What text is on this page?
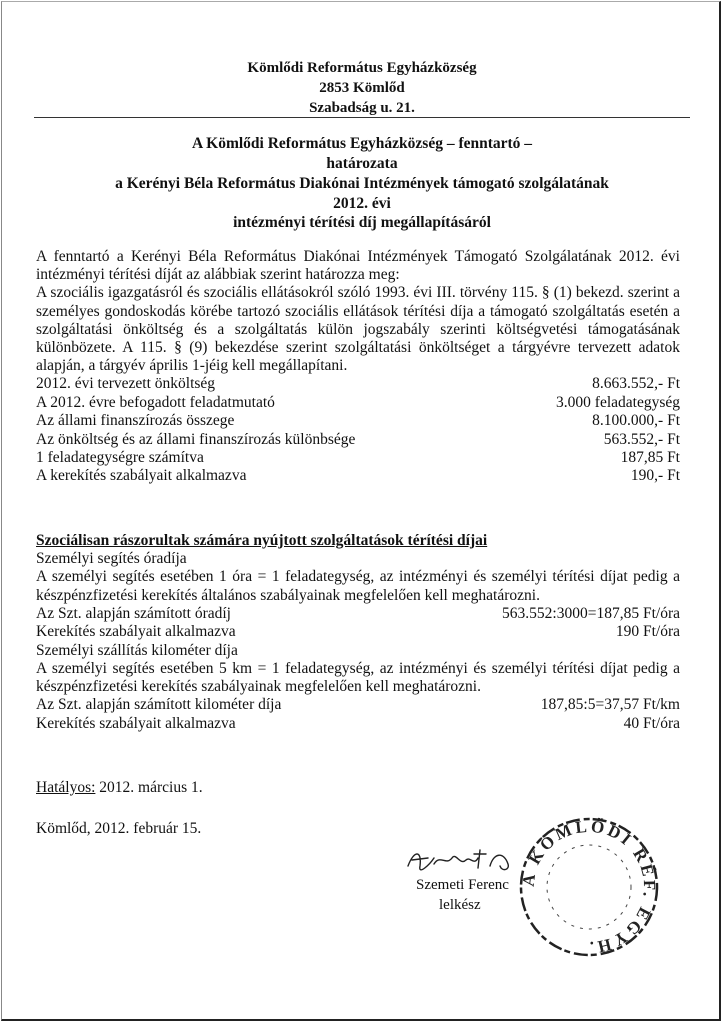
Kömlődi Református Egyházközség
2853 Kömlőd
Szabadság u. 21.
A Kömlődi Református Egyházközség – fenntartó –
határozata
a Kerényi Béla Református Diakónai Intézmények támogató szolgálatának
2012. évi
intézményi térítési díj megállapításáról
A fenntartó a Kerényi Béla Református Diakónai Intézmények Támogató Szolgálatának 2012. évi intézményi térítési díját az alábbiak szerint határozza meg:
A szociális igazgatásról és szociális ellátásokról szóló 1993. évi III. törvény 115. § (1) bekezd. szerint a személyes gondoskodás körébe tartozó szociális ellátások térítési díja a támogató szolgáltatás esetén a szolgáltatási önköltség és a szolgáltatás külön jogszabály szerinti költségvetési támogatásának különbözete. A 115. § (9) bekezdése szerint szolgáltatási önköltséget a tárgyévre tervezett adatok alapján, a tárgyév április 1-jéig kell megállapítani.
2012. évi tervezett önköltség	8.663.552,- Ft
A 2012. évre befogadott feladatmutató	3.000 feladategység
Az állami finanszírozás összege	8.100.000,- Ft
Az önköltség és az állami finanszírozás különbsége	563.552,- Ft
1 feladategységre számítva	187,85 Ft
A kerekítés szabályait alkalmazva	190,- Ft
Szociálisan rászorultak számára nyújtott szolgáltatások térítési díjai
Személyi segítés óradíja
A személyi segítés esetében 1 óra = 1 feladategység, az intézményi és személyi térítési díjat pedig a készpénzfizetési kerekítés általános szabályainak megfelelően kell meghatározni.
Az Szt. alapján számított óradíj	563.552:3000=187,85 Ft/óra
Kerekítés szabályait alkalmazva	190 Ft/óra
Személyi szállítás kilométer díja
A személyi segítés esetében 5 km = 1 feladategység, az intézményi és személyi térítési díjat pedig a készpénzfizetési kerekítés szabályainak megfelelően kell meghatározni.
Az Szt. alapján számított kilométer díja	187,85:5=37,57 Ft/km
Kerekítés szabályait alkalmazva	40 Ft/óra
Hatályos: 2012. március 1.
Kömlőd, 2012. február 15.
Szemeti Ferenc
lelkész
A KÖMLŐDI RÉF. EGYH.
